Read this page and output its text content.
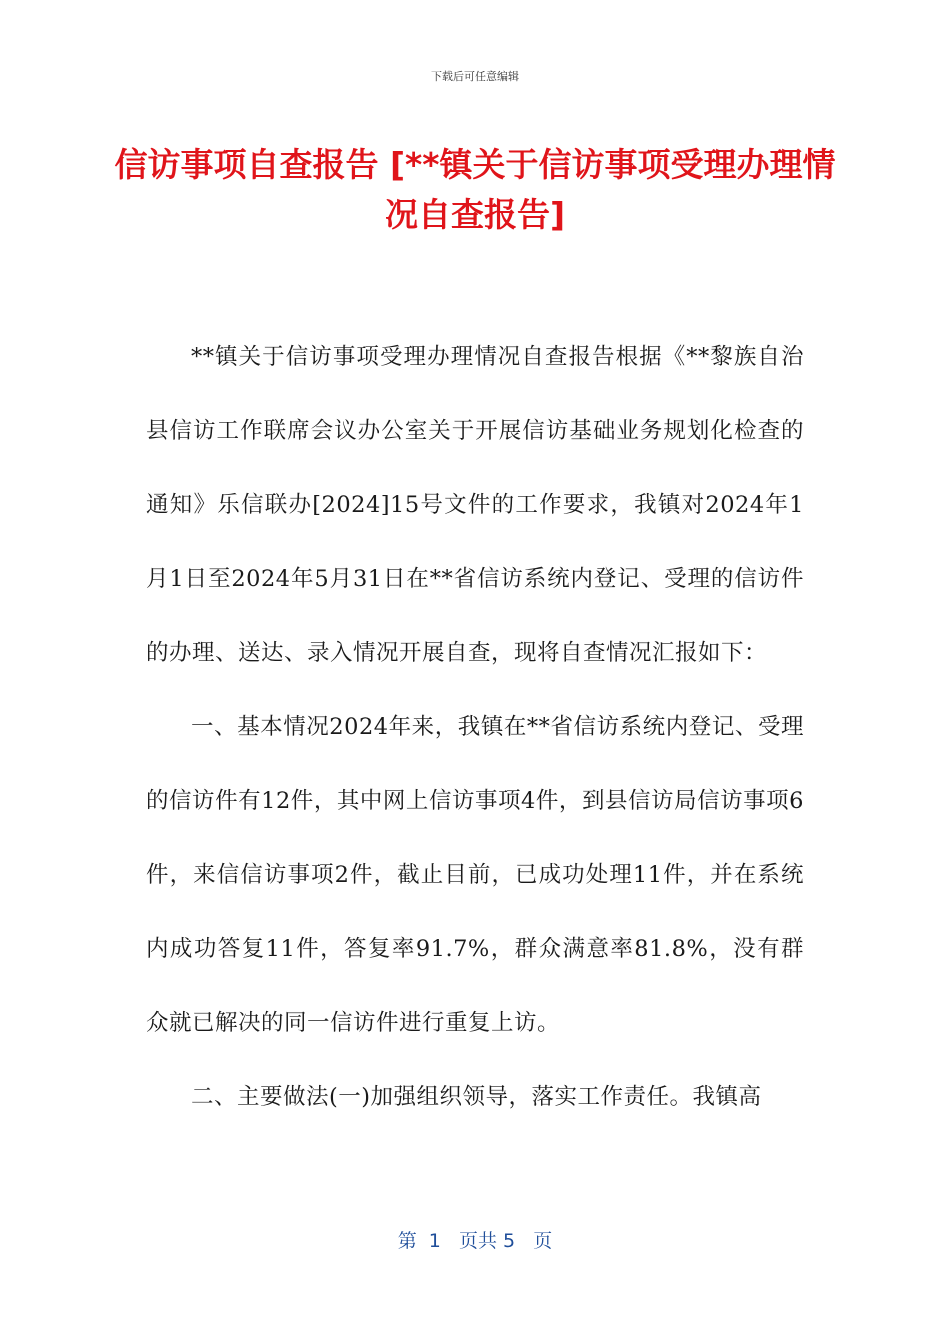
下载后可任意编辑
信访事项自查报告 [**镇关于信访事项受理办理情况自查报告]

**镇关于信访事项受理办理情况自查报告根据《**黎族自治县信访工作联席会议办公室关于开展信访基础业务规划化检查的通知》乐信联办[2024]15号文件的工作要求，我镇对2024年1月1日至2024年5月31日在**省信访系统内登记、受理的信访件的办理、送达、录入情况开展自查，现将自查情况汇报如下：

一、基本情况2024年来，我镇在**省信访系统内登记、受理的信访件有12件，其中网上信访事项4件，到县信访局信访事项6件，来信信访事项2件，截止目前，已成功处理11件，并在系统内成功答复11件，答复率91.7%，群众满意率81.8%，没有群众就已解决的同一信访件进行重复上访。

二、主要做法(一)加强组织领导，落实工作责任。我镇高

第  1   页共 5   页
